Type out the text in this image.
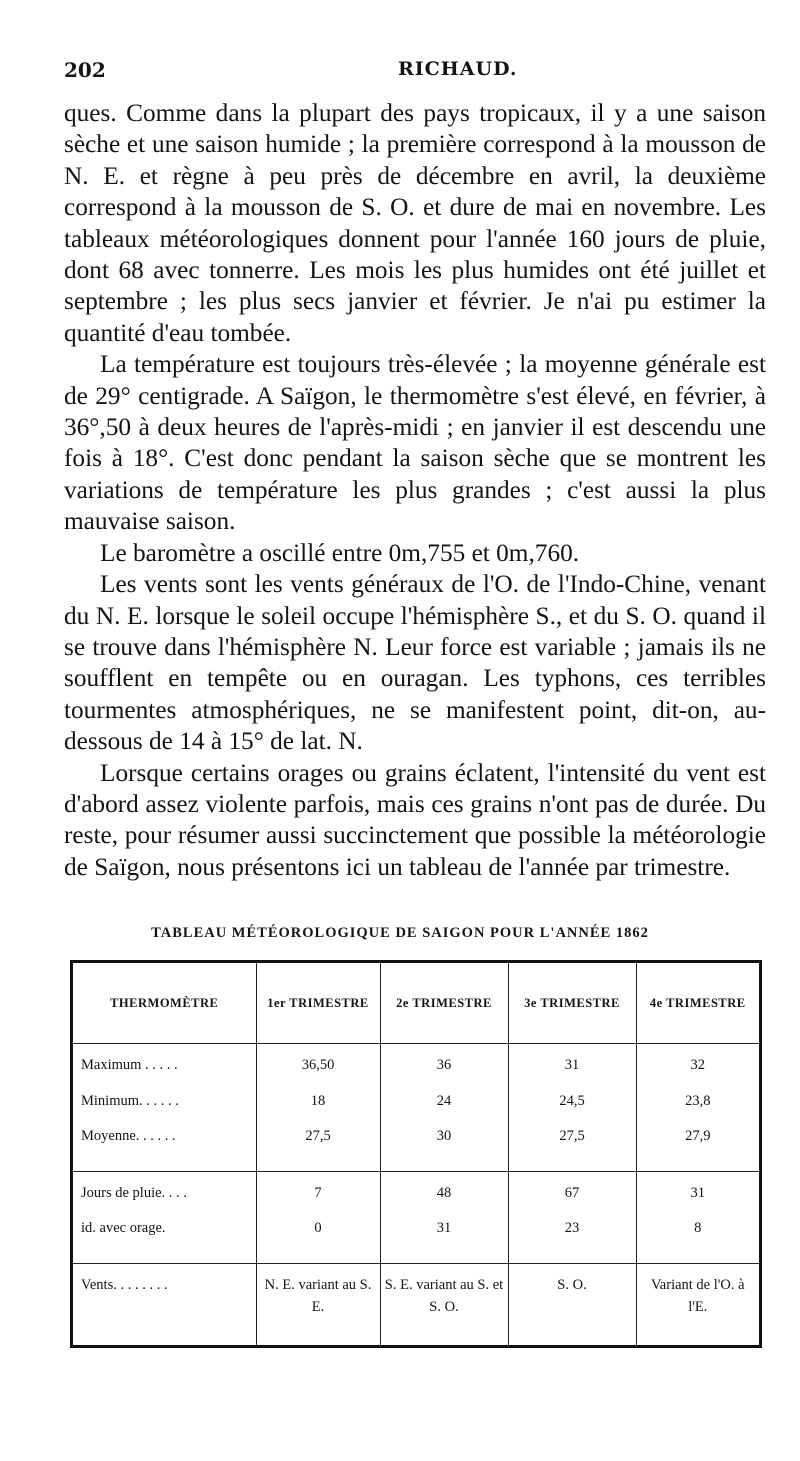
202	RICHAUD.

ques. Comme dans la plupart des pays tropicaux, il y a une saison sèche et une saison humide ; la première correspond à la mousson de N. E. et règne à peu près de décembre en avril, la deuxième correspond à la mousson de S. O. et dure de mai en novembre. Les tableaux météorologiques donnent pour l'année 160 jours de pluie, dont 68 avec tonnerre. Les mois les plus humides ont été juillet et septembre ; les plus secs janvier et février. Je n'ai pu estimer la quantité d'eau tombée.

La température est toujours très-élevée ; la moyenne générale est de 29° centigrade. A Saïgon, le thermomètre s'est élevé, en février, à 36°,50 à deux heures de l'après-midi ; en janvier il est descendu une fois à 18°. C'est donc pendant la saison sèche que se montrent les variations de température les plus grandes ; c'est aussi la plus mauvaise saison.

Le baromètre a oscillé entre 0m,755 et 0m,760.

Les vents sont les vents généraux de l'O. de l'Indo-Chine, venant du N. E. lorsque le soleil occupe l'hémisphère S., et du S. O. quand il se trouve dans l'hémisphère N. Leur force est variable ; jamais ils ne soufflent en tempête ou en ouragan. Les typhons, ces terribles tourmentes atmosphériques, ne se manifestent point, dit-on, au-dessous de 14 à 15° de lat. N.

Lorsque certains orages ou grains éclatent, l'intensité du vent est d'abord assez violente parfois, mais ces grains n'ont pas de durée. Du reste, pour résumer aussi succinctement que possible la météorologie de Saïgon, nous présentons ici un tableau de l'année par trimestre.

TABLEAU MÉTÉOROLOGIQUE DE SAIGON POUR L'ANNÉE 1862
THERMOMÈTRE	1er TRIMESTRE	2e TRIMESTRE	3e TRIMESTRE	4e TRIMESTRE

Maximum . . . . .	36,50	36	31	32
Minimum. . . . . .	18	24	24,5	23,8
Moyenne. . . . . .	27,5	30	27,5	27,9

Jours de pluie. . . .	7	48	67	31
id. avec orage.	0	31	23	8

Vents. . . . . . . .	N. E. variant au S. E.	S. E. variant au S. et S. O.	S. O.	Variant de l'O. à l'E.
